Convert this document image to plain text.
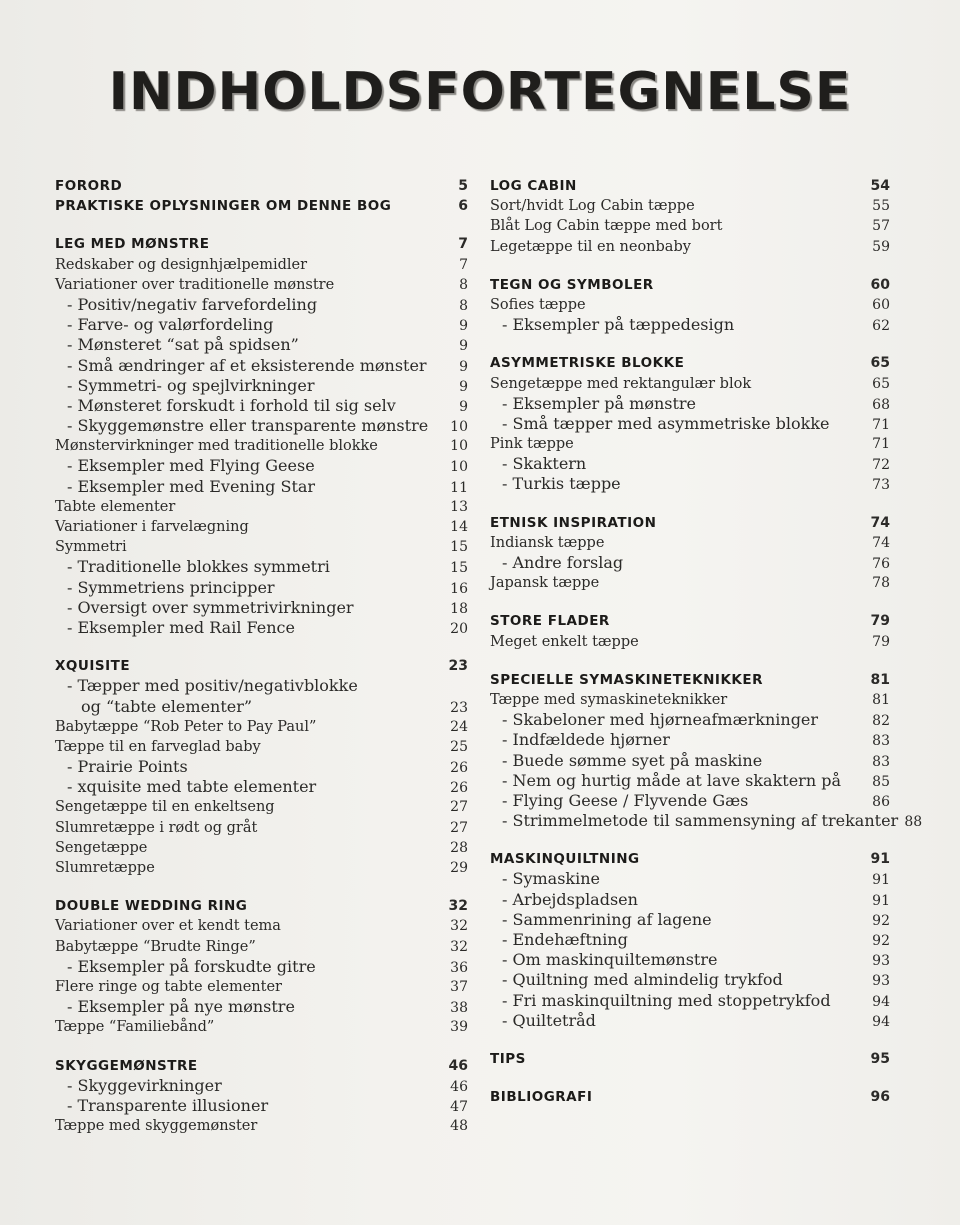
INDHOLDSFORTEGNELSE
FORORD	5
PRAKTISKE OPLYSNINGER OM DENNE BOG	6
LEG MED MØNSTRE	7
Redskaber og designhjælpemidler	7
Variationer over traditionelle mønstre	8
- Positiv/negativ farvefordeling	8
- Farve- og valørfordeling	9
- Mønsteret “sat på spidsen”	9
- Små ændringer af et eksisterende mønster	9
- Symmetri- og spejlvirkninger	9
- Mønsteret forskudt i forhold til sig selv	9
- Skyggemønstre eller transparente mønstre	10
Mønstervirkninger med traditionelle blokke	10
- Eksempler med Flying Geese	10
- Eksempler med Evening Star	11
Tabte elementer	13
Variationer i farvelægning	14
Symmetri	15
- Traditionelle blokkes symmetri	15
- Symmetriens principper	16
- Oversigt over symmetrivirkninger	18
- Eksempler med Rail Fence	20
XQUISITE	23
- Tæpper med positiv/negativblokke
og “tabte elementer”	23
Babytæppe “Rob Peter to Pay Paul”	24
Tæppe til en farveglad baby	25
- Prairie Points	26
- xquisite med tabte elementer	26
Sengetæppe til en enkeltseng	27
Slumretæppe i rødt og gråt	27
Sengetæppe	28
Slumretæppe	29
DOUBLE WEDDING RING	32
Variationer over et kendt tema	32
Babytæppe “Brudte Ringe”	32
- Eksempler på forskudte gitre	36
Flere ringe og tabte elementer	37
- Eksempler på nye mønstre	38
Tæppe “Familiebånd”	39
SKYGGEMØNSTRE	46
- Skyggevirkninger	46
- Transparente illusioner	47
Tæppe med skyggemønster	48
LOG CABIN	54
Sort/hvidt Log Cabin tæppe	55
Blåt Log Cabin tæppe med bort	57
Legetæppe til en neonbaby	59
TEGN OG SYMBOLER	60
Sofies tæppe	60
- Eksempler på tæppedesign	62
ASYMMETRISKE BLOKKE	65
Sengetæppe med rektangulær blok	65
- Eksempler på mønstre	68
- Små tæpper med asymmetriske blokke	71
Pink tæppe	71
- Skaktern	72
- Turkis tæppe	73
ETNISK INSPIRATION	74
Indiansk tæppe	74
- Andre forslag	76
Japansk tæppe	78
STORE FLADER	79
Meget enkelt tæppe	79
SPECIELLE SYMASKINETEKNIKKER	81
Tæppe med symaskineteknikker	81
- Skabeloner med hjørneafmærkninger	82
- Indfældede hjørner	83
- Buede sømme syet på maskine	83
- Nem og hurtig måde at lave skaktern på	85
- Flying Geese / Flyvende Gæs	86
- Strimmelmetode til sammensyning af trekanter 88
MASKINQUILTNING	91
- Symaskine	91
- Arbejdspladsen	91
- Sammenrining af lagene	92
- Endehæftning	92
- Om maskinquiltemønstre	93
- Quiltning med almindelig trykfod	93
- Fri maskinquiltning med stoppetrykfod	94
- Quiltetråd	94
TIPS	95
BIBLIOGRAFI	96
